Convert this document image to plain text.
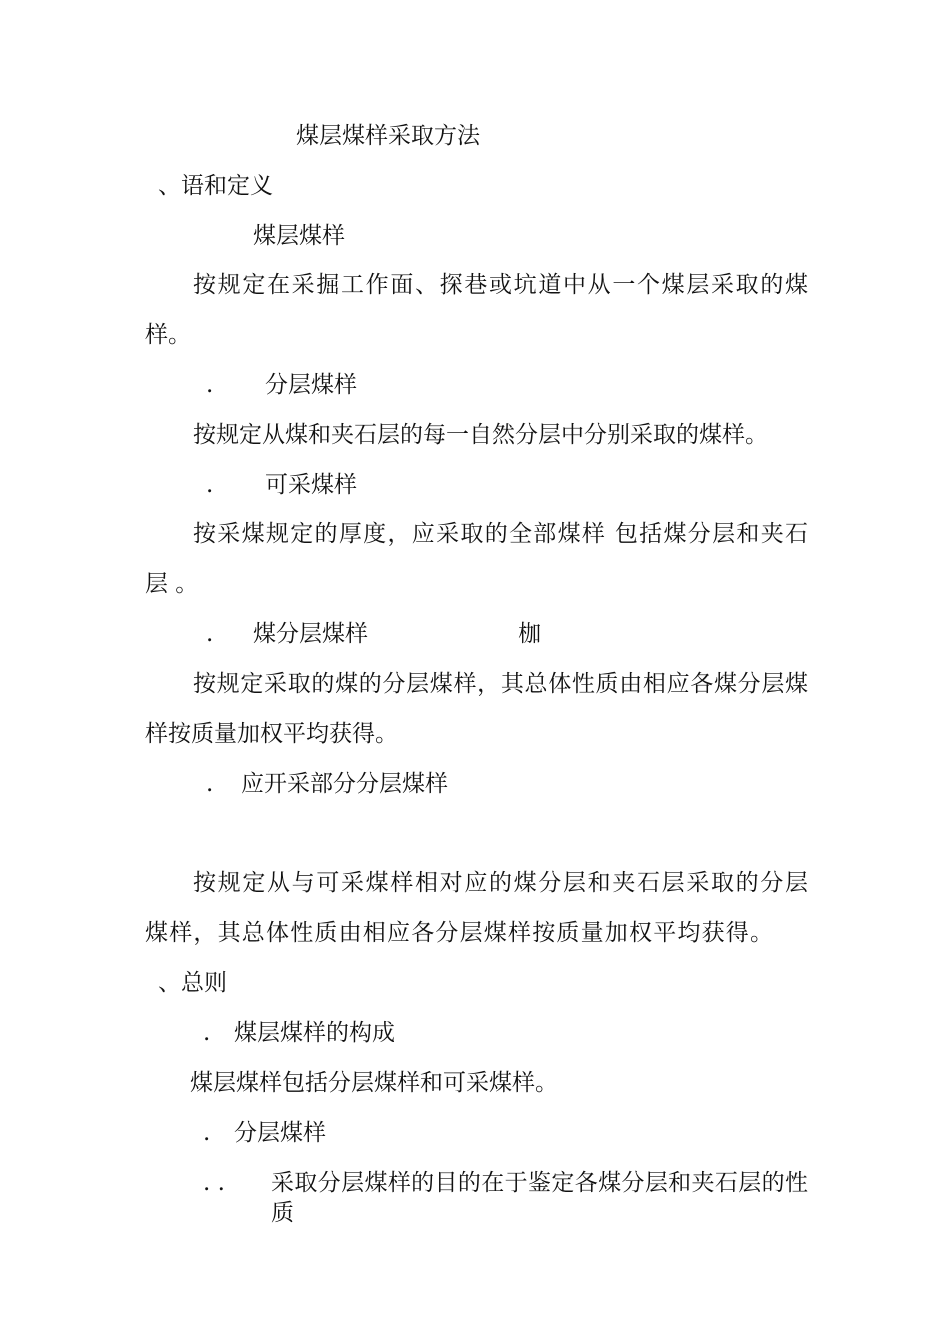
煤层煤样采取方法
、语和定义
煤层煤样
按规定在采掘工作面、探巷或坑道中从一个煤层采取的煤
样。
. 分层煤样
按规定从煤和夹石层的每一自然分层中分别采取的煤样。
. 可采煤样
按采煤规定的厚度，应采取的全部煤样 包括煤分层和夹石
层 。
. 煤分层煤样	枷
按规定采取的煤的分层煤样，其总体性质由相应各煤分层煤
样按质量加权平均获得。
. 应开采部分分层煤样
按规定从与可采煤样相对应的煤分层和夹石层采取的分层
煤样，其总体性质由相应各分层煤样按质量加权平均获得。
、总则
. 煤层煤样的构成
煤层煤样包括分层煤样和可采煤样。
. 分层煤样
. . 采取分层煤样的目的在于鉴定各煤分层和夹石层的性质
